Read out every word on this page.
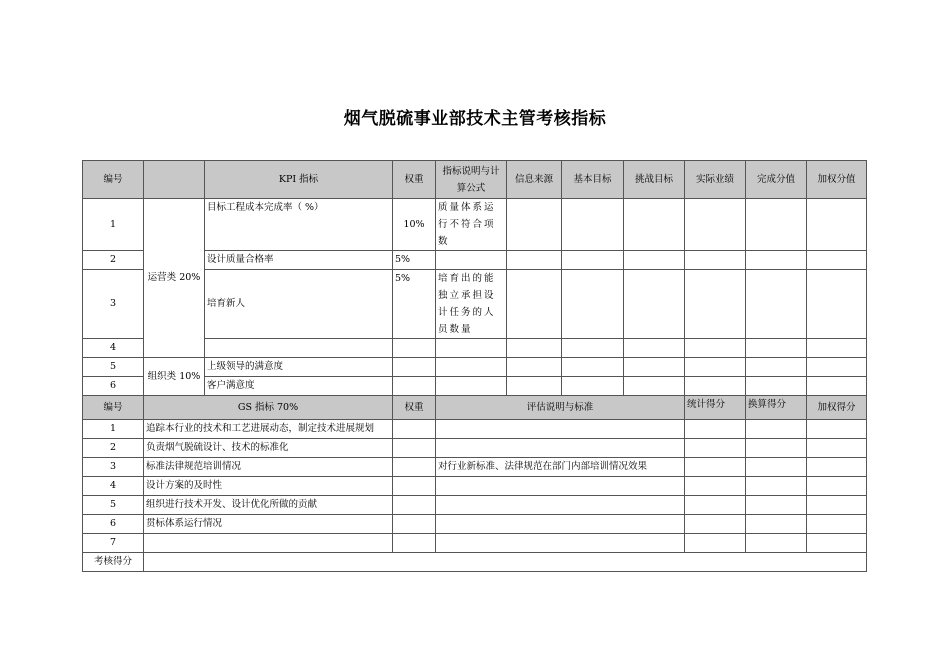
烟气脱硫事业部技术主管考核指标
编号		KPI 指标	权重	指标说明与计算公式	信息来源	基本目标	挑战目标	实际业绩	完成分值	加权分值
1	运营类 20%	目标工程成本完成率（ %）	10%	质量体系运行不符合项数						
2		设计质量合格率	5%							
3		培育新人	5%	培育出的能独立承担设计任务的人员数量						
4										
5	组织类 10%	上级领导的满意度								
6		客户满意度								
编号	GS 指标 70%		权重	评估说明与标准				统计得分	换算得分	加权得分
1	追踪本行业的技术和工艺进展动态，制定技术进展规划									
2	负责烟气脱硫设计、技术的标准化									
3	标准法律规范培训情况			对行业新标准、法律规范在部门内部培训情况效果						
4	设计方案的及时性									
5	组织进行技术开发、设计优化所做的贡献									
6	贯标体系运行情况									
7										
考核得分										
